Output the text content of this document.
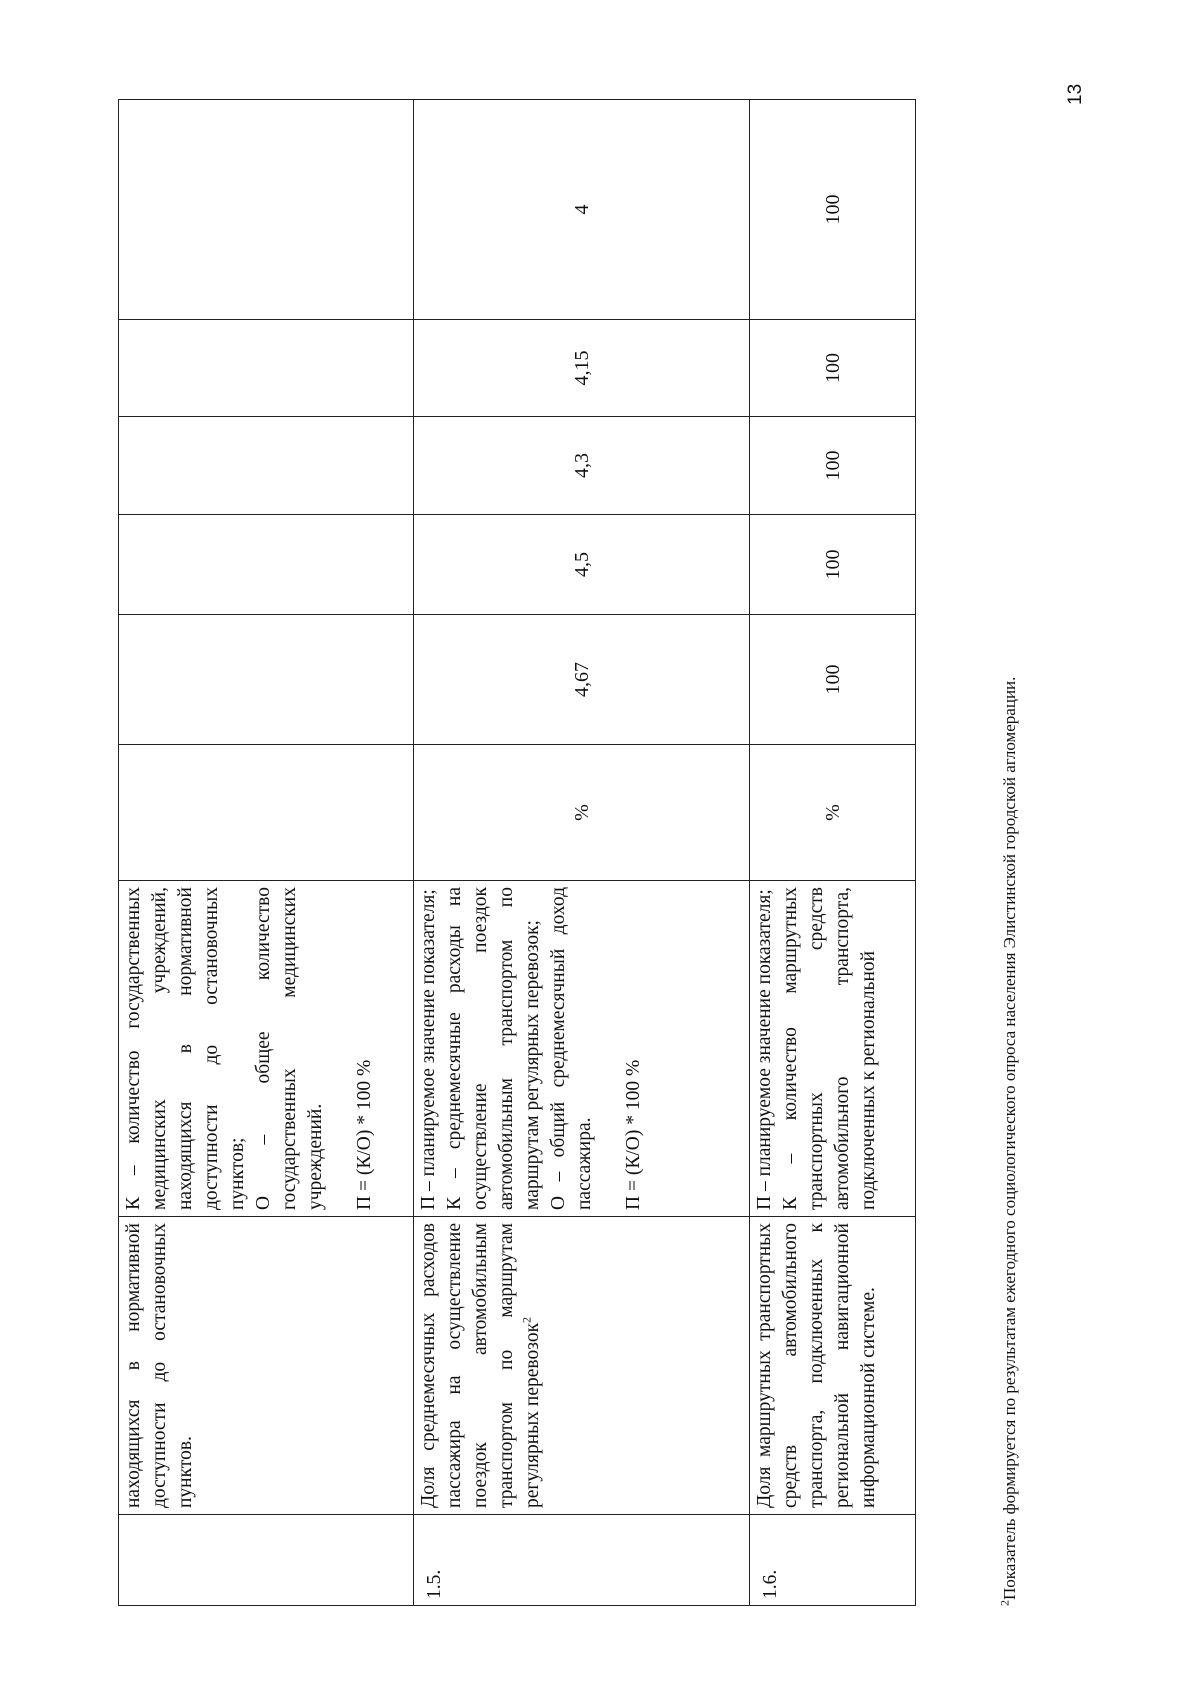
13
	находящихся в нормативной доступности до остановочных пунктов.	К – количество государственных медицинских учреждений, находящихся в нормативной доступности до остановочных пунктов; О – общее количество государственных медицинских учреждений. П = (К/О) * 100 %						

1.5.	Доля среднемесячных расходов пассажира на осуществление поездок автомобильным транспортом по маршрутам регулярных перевозок$^2$	П – планируемое значение показателя; К – среднемесячные расходы на осуществление поездок автомобильным транспортом по маршрутам регулярных перевозок; О – общий среднемесячный доход пассажира. П = (К/О) * 100 %	%	4,67	4,5	4,3	4,15	4
1.6.	Доля маршрутных транспортных средств автомобильного транспорта, подключенных к региональной навигационной информационной системе.	П – планируемое значение показателя; К – количество маршрутных транспортных средств автомобильного транспорта, подключенных к региональной	%	100	100	100	100	100
$^2$Показатель формируется по результатам ежегодного социологического опроса населения Элистинской городской агломерации.
